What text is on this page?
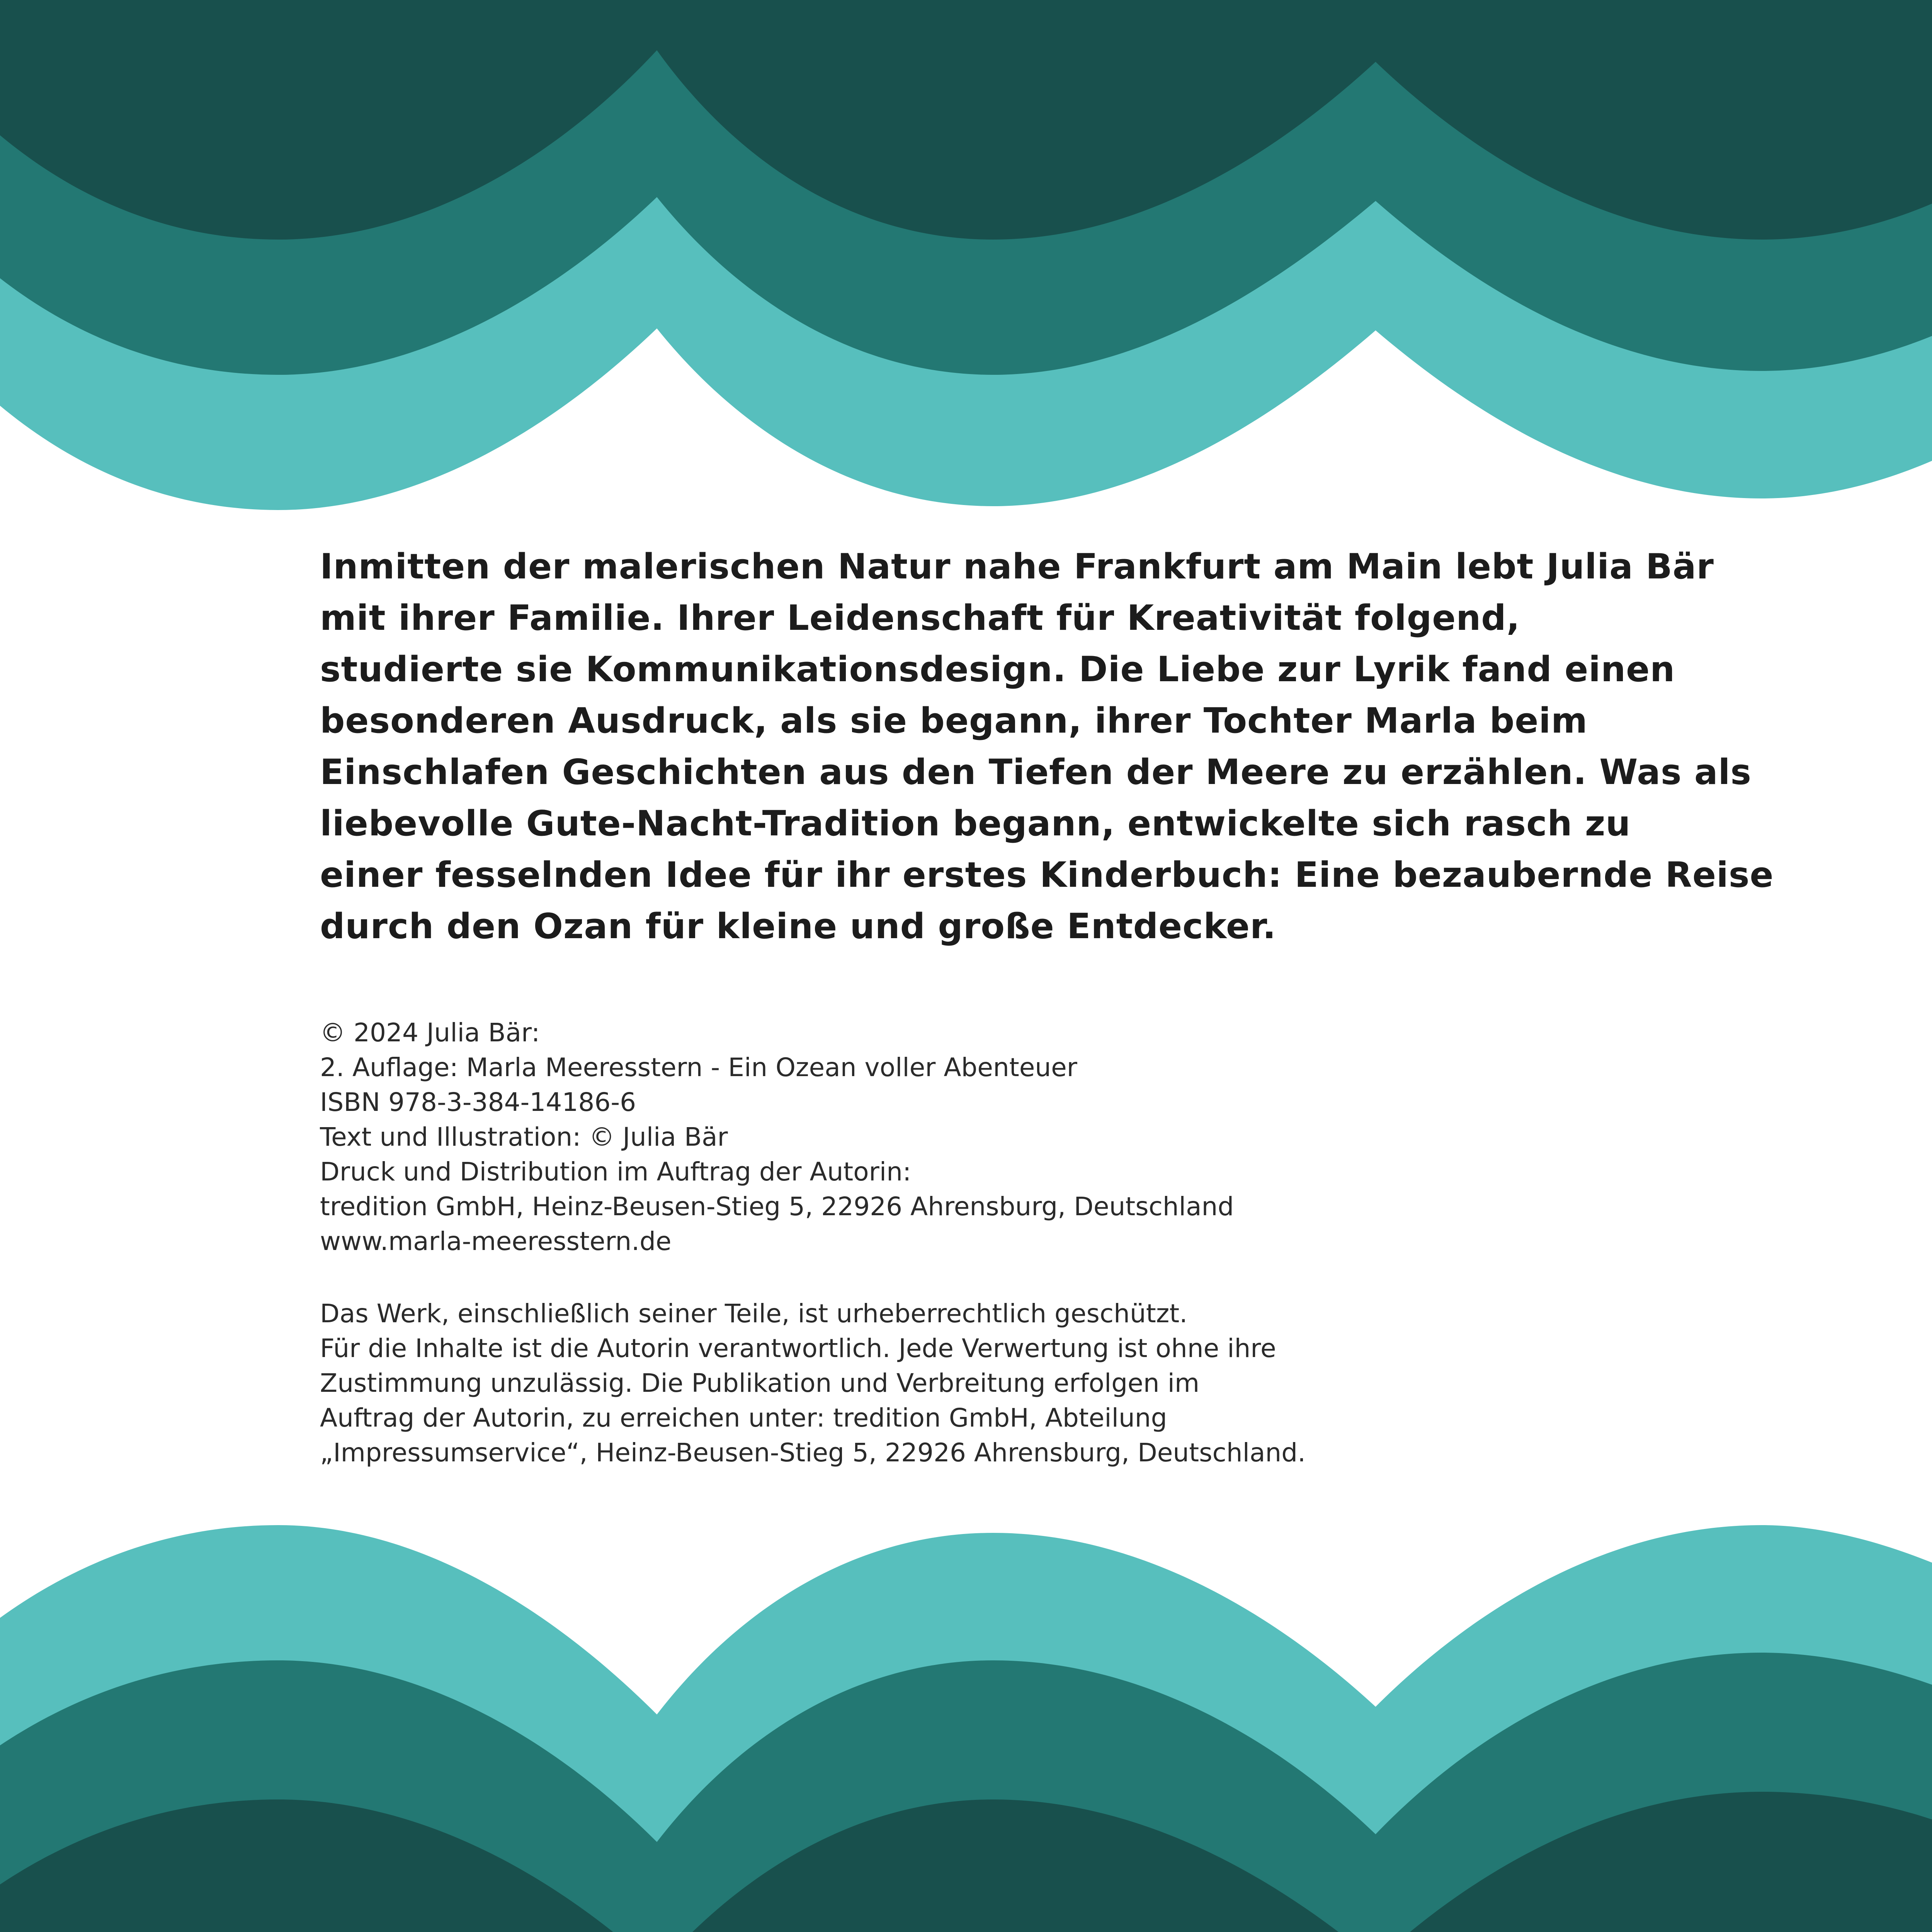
Inmitten der malerischen Natur nahe Frankfurt am Main lebt Julia Bär
mit ihrer Familie. Ihrer Leidenschaft für Kreativität folgend,
studierte sie Kommunikationsdesign. Die Liebe zur Lyrik fand einen
besonderen Ausdruck, als sie begann, ihrer Tochter Marla beim
Einschlafen Geschichten aus den Tiefen der Meere zu erzählen. Was als
liebevolle Gute-Nacht-Tradition begann, entwickelte sich rasch zu
einer fesselnden Idee für ihr erstes Kinderbuch: Eine bezaubernde Reise
durch den Ozan für kleine und große Entdecker.
© 2024 Julia Bär:
2. Auflage: Marla Meeresstern - Ein Ozean voller Abenteuer
ISBN 978-3-384-14186-6
Text und Illustration: © Julia Bär
Druck und Distribution im Auftrag der Autorin:
tredition GmbH, Heinz-Beusen-Stieg 5, 22926 Ahrensburg, Deutschland
www.marla-meeresstern.de
Das Werk, einschließlich seiner Teile, ist urheberrechtlich geschützt.
Für die Inhalte ist die Autorin verantwortlich. Jede Verwertung ist ohne ihre
Zustimmung unzulässig. Die Publikation und Verbreitung erfolgen im
Auftrag der Autorin, zu erreichen unter: tredition GmbH, Abteilung
„Impressumservice“, Heinz-Beusen-Stieg 5, 22926 Ahrensburg, Deutschland.
